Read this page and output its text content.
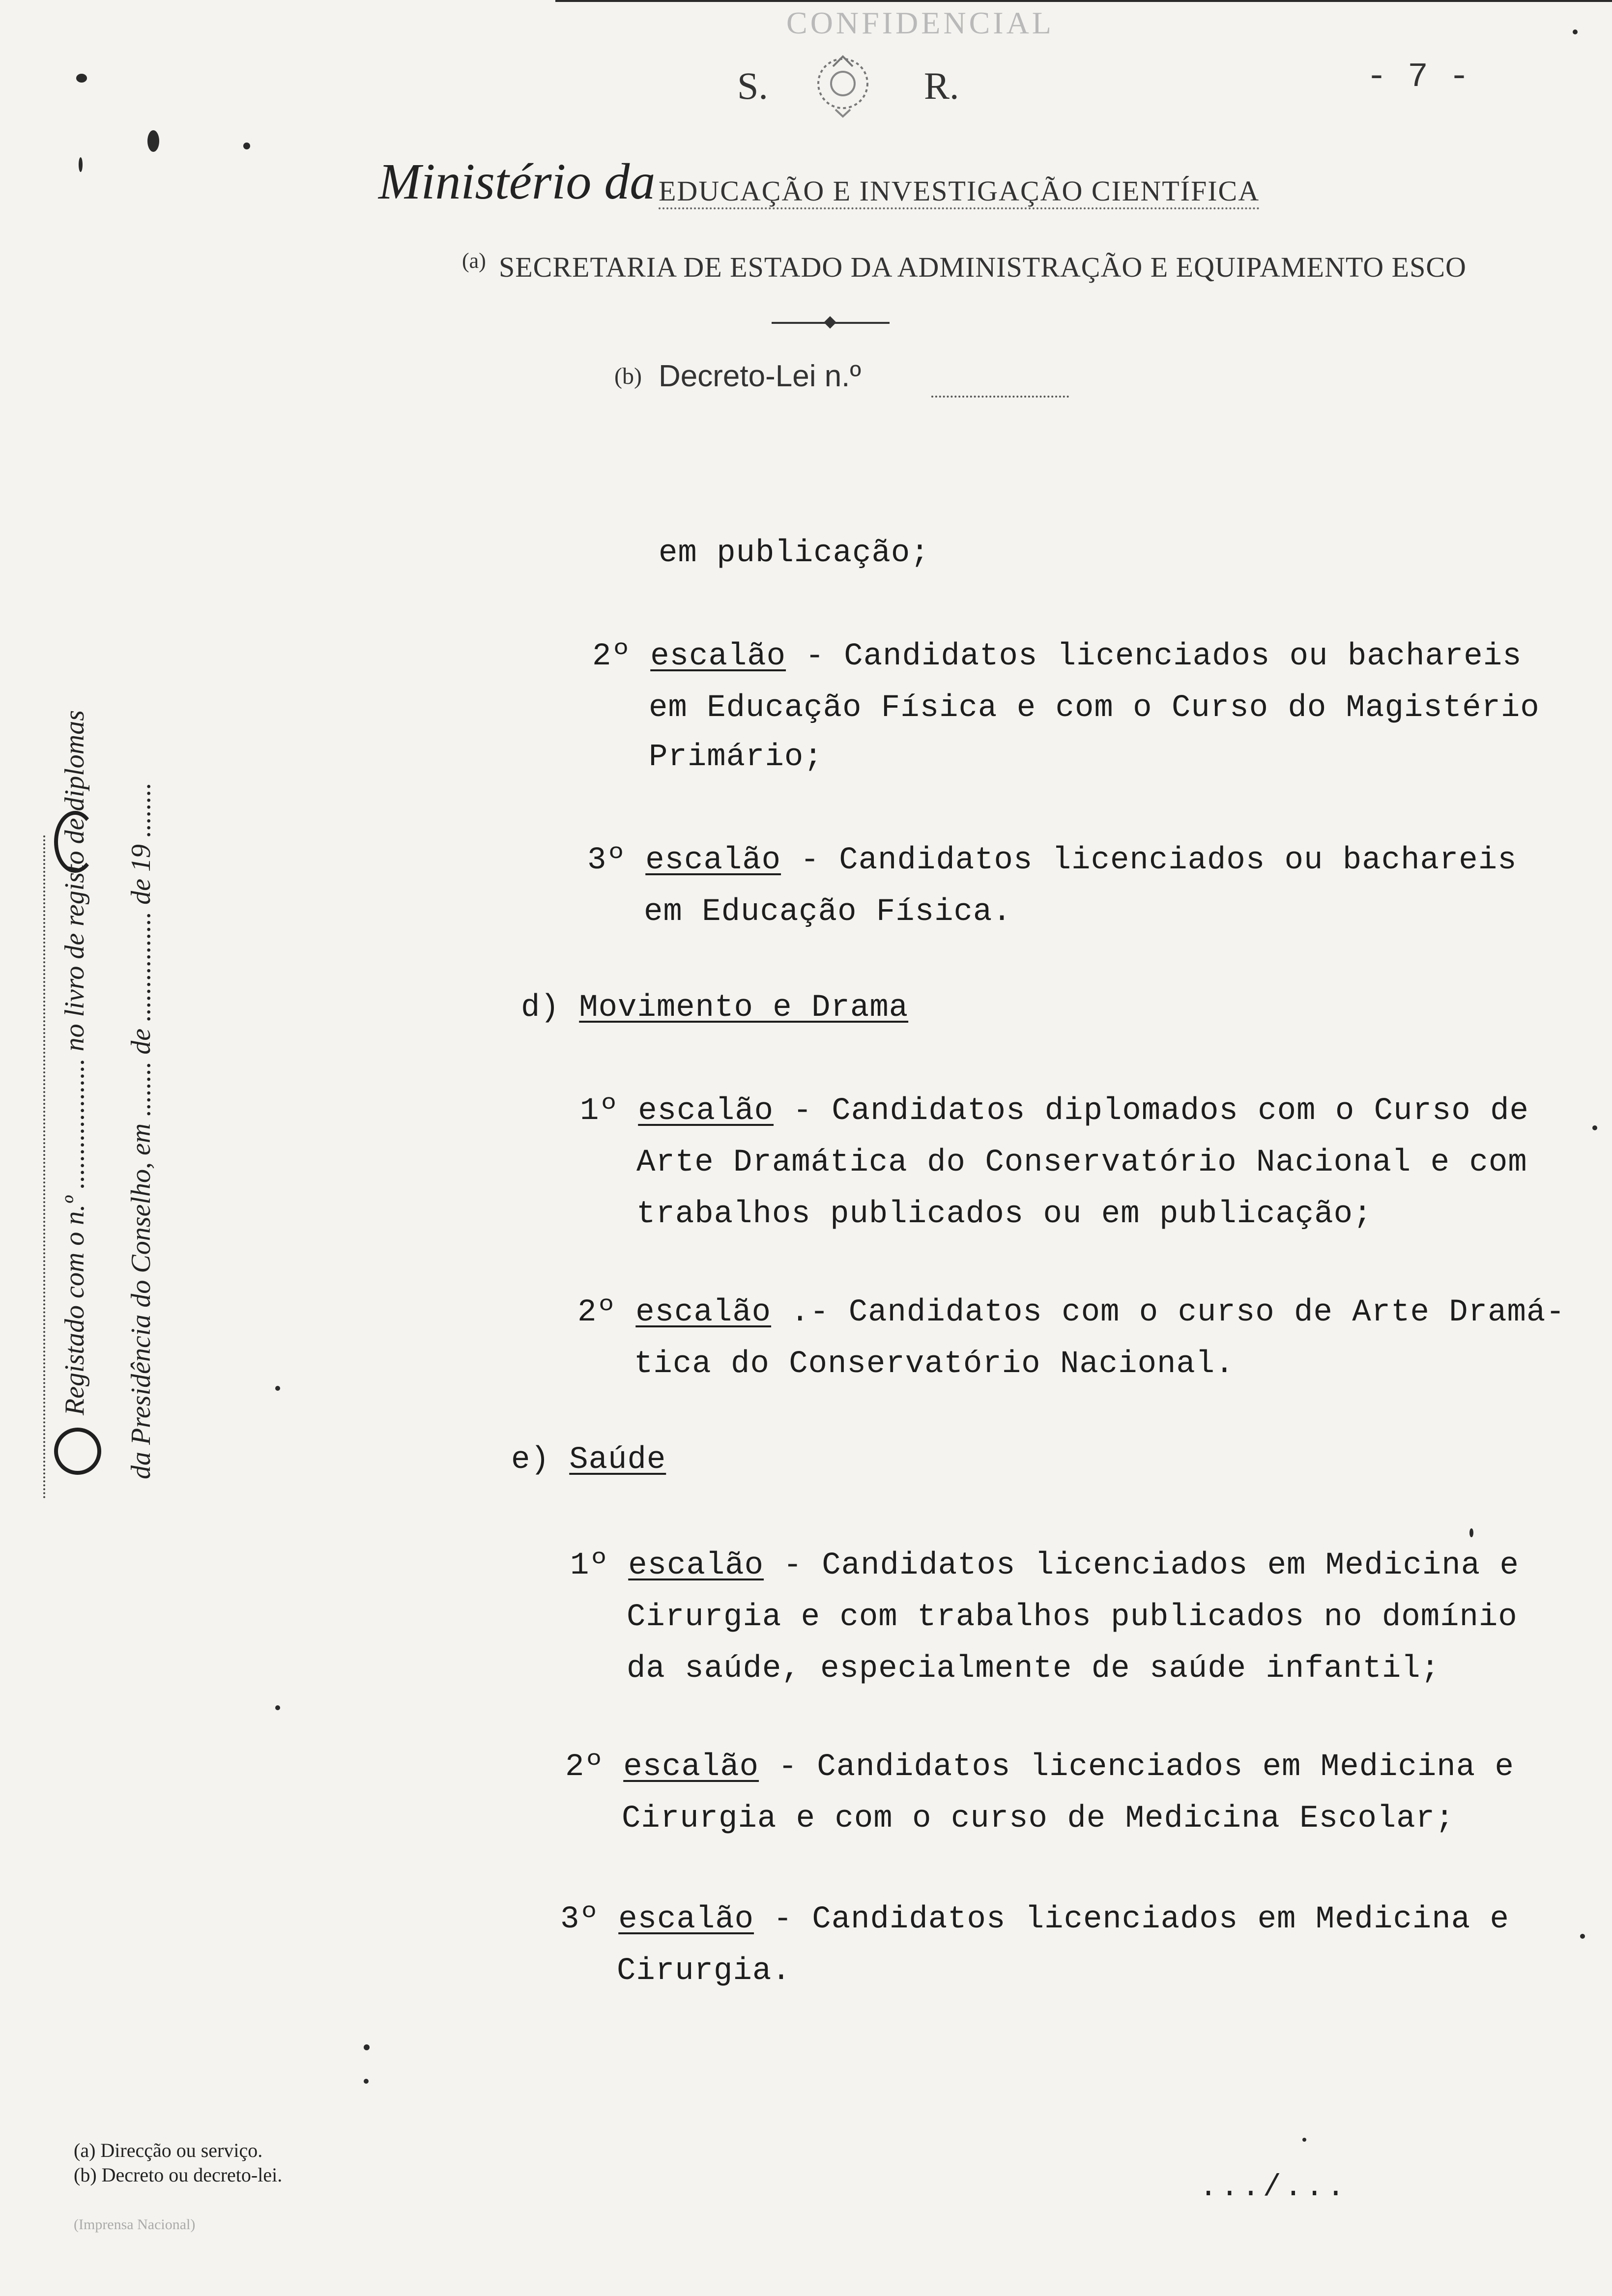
CONFIDENCIAL
S.	R.	- 7 -
Ministério da EDUCAÇÃO E INVESTIGAÇÃO CIENTÍFICA
(a) SECRETARIA DE ESTADO DA ADMINISTRAÇÃO E EQUIPAMENTO ESCO
(b) Decreto-Lei n.º
em publicação;
2º escalão - Candidatos licenciados ou bachareis
em Educação Física e com o Curso do Magistério
Primário;
3º escalão - Candidatos licenciados ou bachareis
em Educação Física.
d) Movimento e Drama
1º escalão - Candidatos diplomados com o Curso de
Arte Dramática do Conservatório Nacional e com
trabalhos publicados ou em publicação;
2º escalão .- Candidatos com o curso de Arte Dramá-
tica do Conservatório Nacional.
e) Saúde
1º escalão - Candidatos licenciados em Medicina e
Cirurgia e com trabalhos publicados no domínio
da saúde, especialmente de saúde infantil;
2º escalão - Candidatos licenciados em Medicina e
Cirurgia e com o curso de Medicina Escolar;
3º escalão - Candidatos licenciados em Medicina e
Cirurgia.
Registado com o n.º ................... no livro de registo de diplomas da Presidência do Conselho, em ........ de ................ de 19 ........
(a) Direcção ou serviço.
(b) Decreto ou decreto-lei.	.../...
(Imprensa Nacional)
